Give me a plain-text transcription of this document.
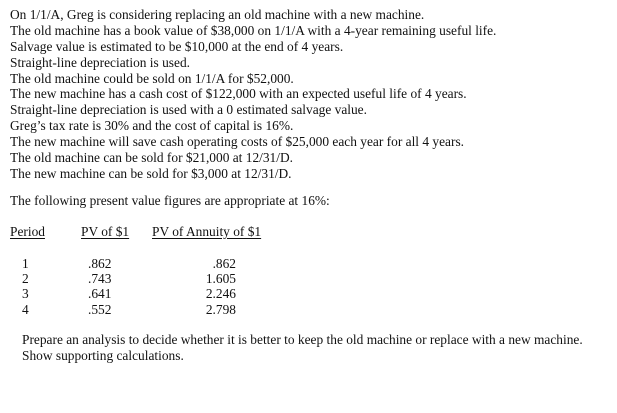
On 1/1/A, Greg is considering replacing an old machine with a new machine.
The old machine has a book value of $38,000 on 1/1/A with a 4-year remaining useful life.
Salvage value is estimated to be $10,000 at the end of 4 years.
Straight-line depreciation is used.
The old machine could be sold on 1/1/A for $52,000.
The new machine has a cash cost of $122,000 with an expected useful life of 4 years.
Straight-line depreciation is used with a 0 estimated salvage value.
Greg’s tax rate is 30% and the cost of capital is 16%.
The new machine will save cash operating costs of $25,000 each year for all 4 years.
The old machine can be sold for $21,000 at 12/31/D.
The new machine can be sold for $3,000 at 12/31/D.
The following present value figures are appropriate at 16%:
Period	PV of $1 PV of Annuity of $1
1
2
3
4
.862
.743
.641
.552
.862
1.605
2.246
2.798
Prepare an analysis to decide whether it is better to keep the old machine or replace with a new machine.
Show supporting calculations.
